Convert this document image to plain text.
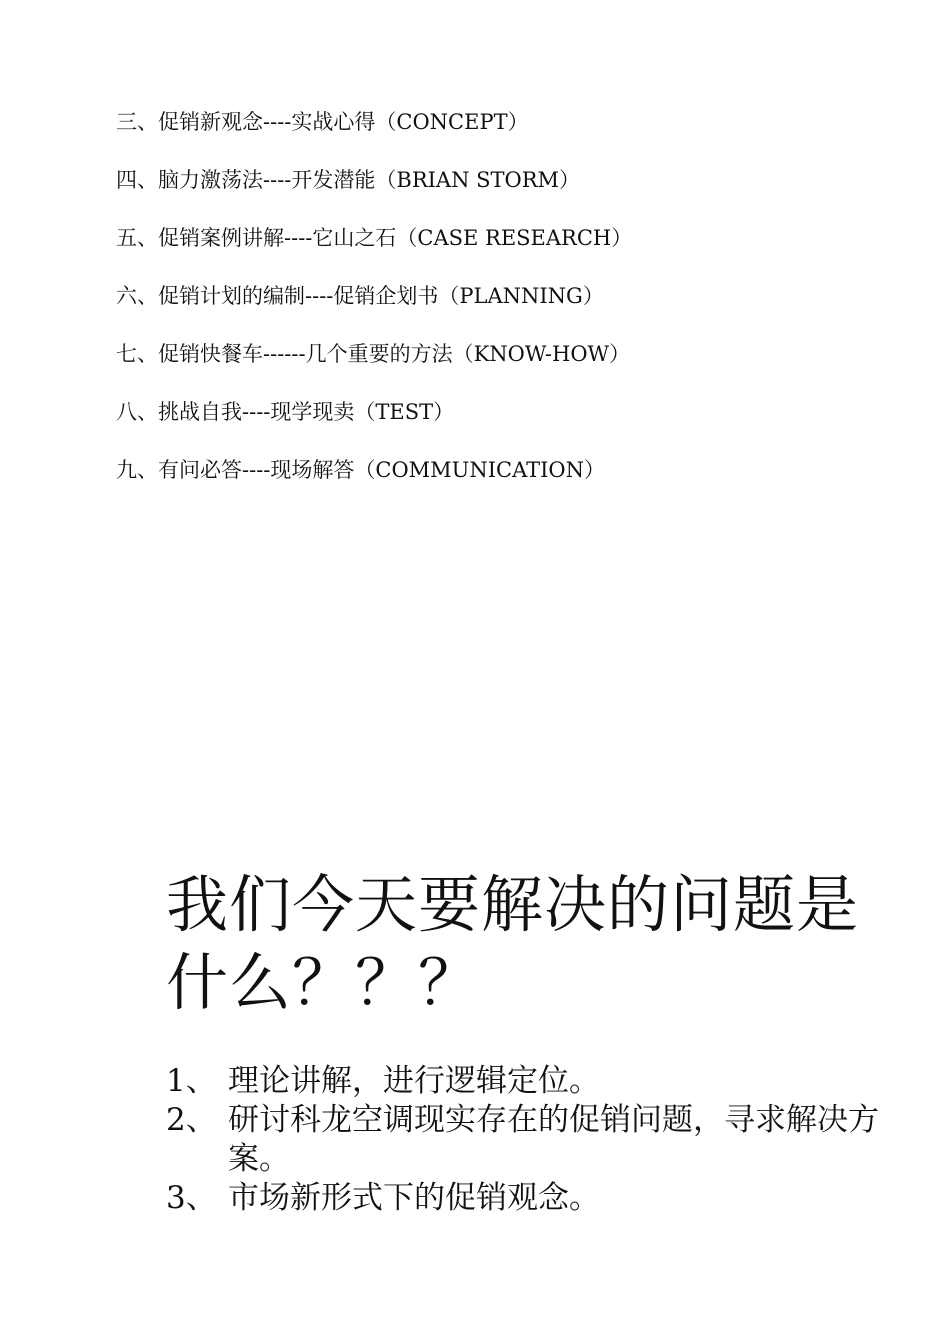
三、促销新观念----实战心得（CONCEPT）
四、脑力激荡法----开发潜能（BRIAN STORM）
五、促销案例讲解----它山之石（CASE RESEARCH）
六、促销计划的编制----促销企划书（PLANNING）
七、促销快餐车------几个重要的方法（KNOW-HOW）
八、挑战自我----现学现卖（TEST）
九、有问必答----现场解答（COMMUNICATION）
我们今天要解决的问题是什么？？？
1、 理论讲解，进行逻辑定位。
2、 研讨科龙空调现实存在的促销问题，寻求解决方案。
3、 市场新形式下的促销观念。
